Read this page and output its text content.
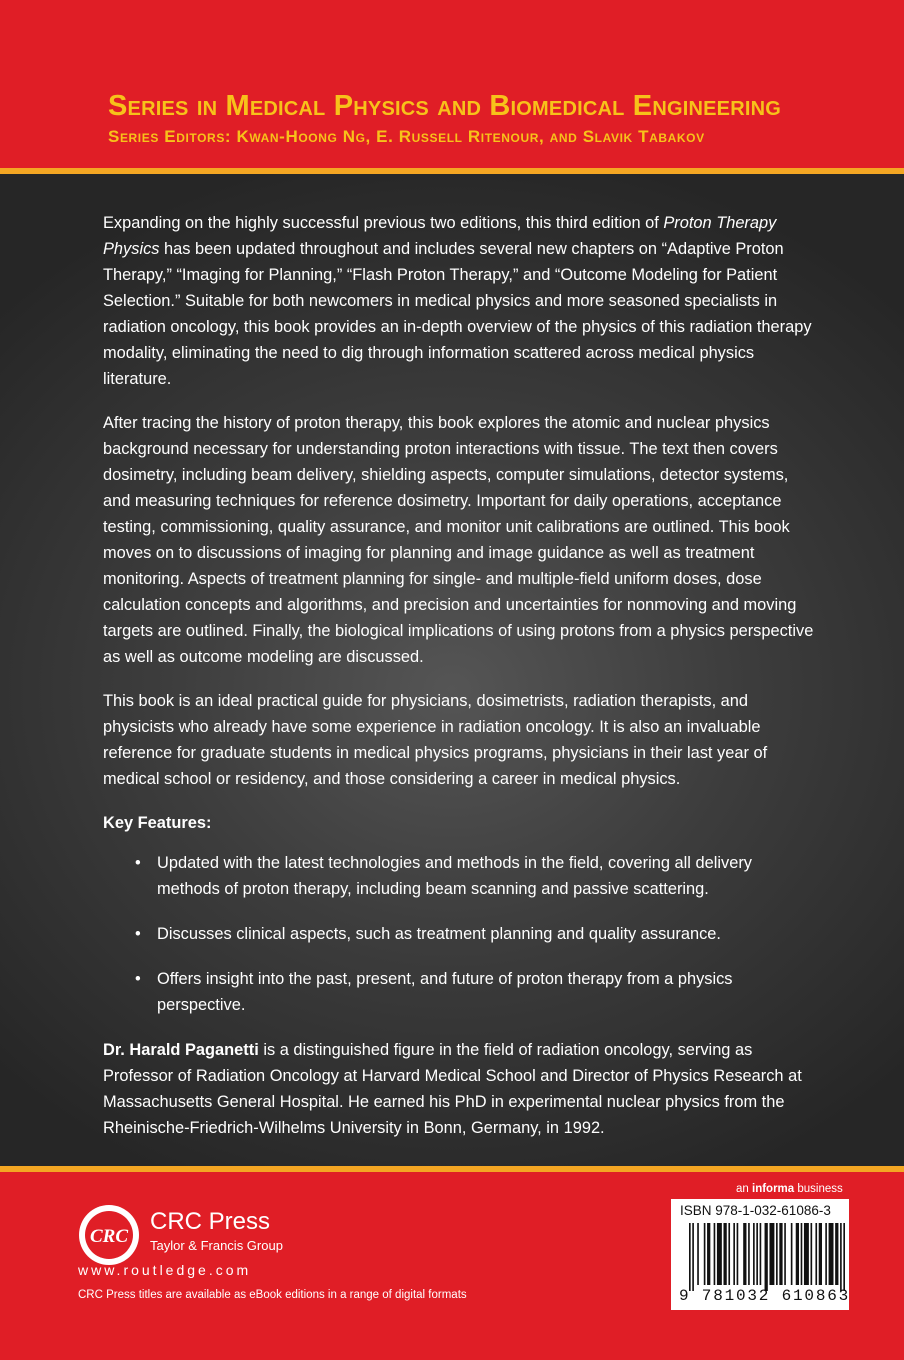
Series in Medical Physics and Biomedical Engineering
Series Editors: Kwan-Hoong Ng, E. Russell Ritenour, and Slavik Tabakov

Expanding on the highly successful previous two editions, this third edition of Proton Therapy Physics has been updated throughout and includes several new chapters on “Adaptive Proton Therapy,” “Imaging for Planning,” “Flash Proton Therapy,” and “Outcome Modeling for Patient Selection.” Suitable for both newcomers in medical physics and more seasoned specialists in radiation oncology, this book provides an in-depth overview of the physics of this radiation therapy modality, eliminating the need to dig through information scattered across medical physics literature.

After tracing the history of proton therapy, this book explores the atomic and nuclear physics background necessary for understanding proton interactions with tissue. The text then covers dosimetry, including beam delivery, shielding aspects, computer simulations, detector systems, and measuring techniques for reference dosimetry. Important for daily operations, acceptance testing, commissioning, quality assurance, and monitor unit calibrations are outlined. This book moves on to discussions of imaging for planning and image guidance as well as treatment monitoring. Aspects of treatment planning for single- and multiple-field uniform doses, dose calculation concepts and algorithms, and precision and uncertainties for nonmoving and moving targets are outlined. Finally, the biological implications of using protons from a physics perspective as well as outcome modeling are discussed.

This book is an ideal practical guide for physicians, dosimetrists, radiation therapists, and physicists who already have some experience in radiation oncology. It is also an invaluable reference for graduate students in medical physics programs, physicians in their last year of medical school or residency, and those considering a career in medical physics.

Key Features:
• Updated with the latest technologies and methods in the field, covering all delivery methods of proton therapy, including beam scanning and passive scattering.
• Discusses clinical aspects, such as treatment planning and quality assurance.
• Offers insight into the past, present, and future of proton therapy from a physics perspective.

Dr. Harald Paganetti is a distinguished figure in the field of radiation oncology, serving as Professor of Radiation Oncology at Harvard Medical School and Director of Physics Research at Massachusetts General Hospital. He earned his PhD in experimental nuclear physics from the Rheinische-Friedrich-Wilhelms University in Bonn, Germany, in 1992.

CRC
CRC Press
Taylor & Francis Group
www.routledge.com
CRC Press titles are available as eBook editions in a range of digital formats
an informa business
ISBN 978-1-032-61086-3
9 781032 610863
